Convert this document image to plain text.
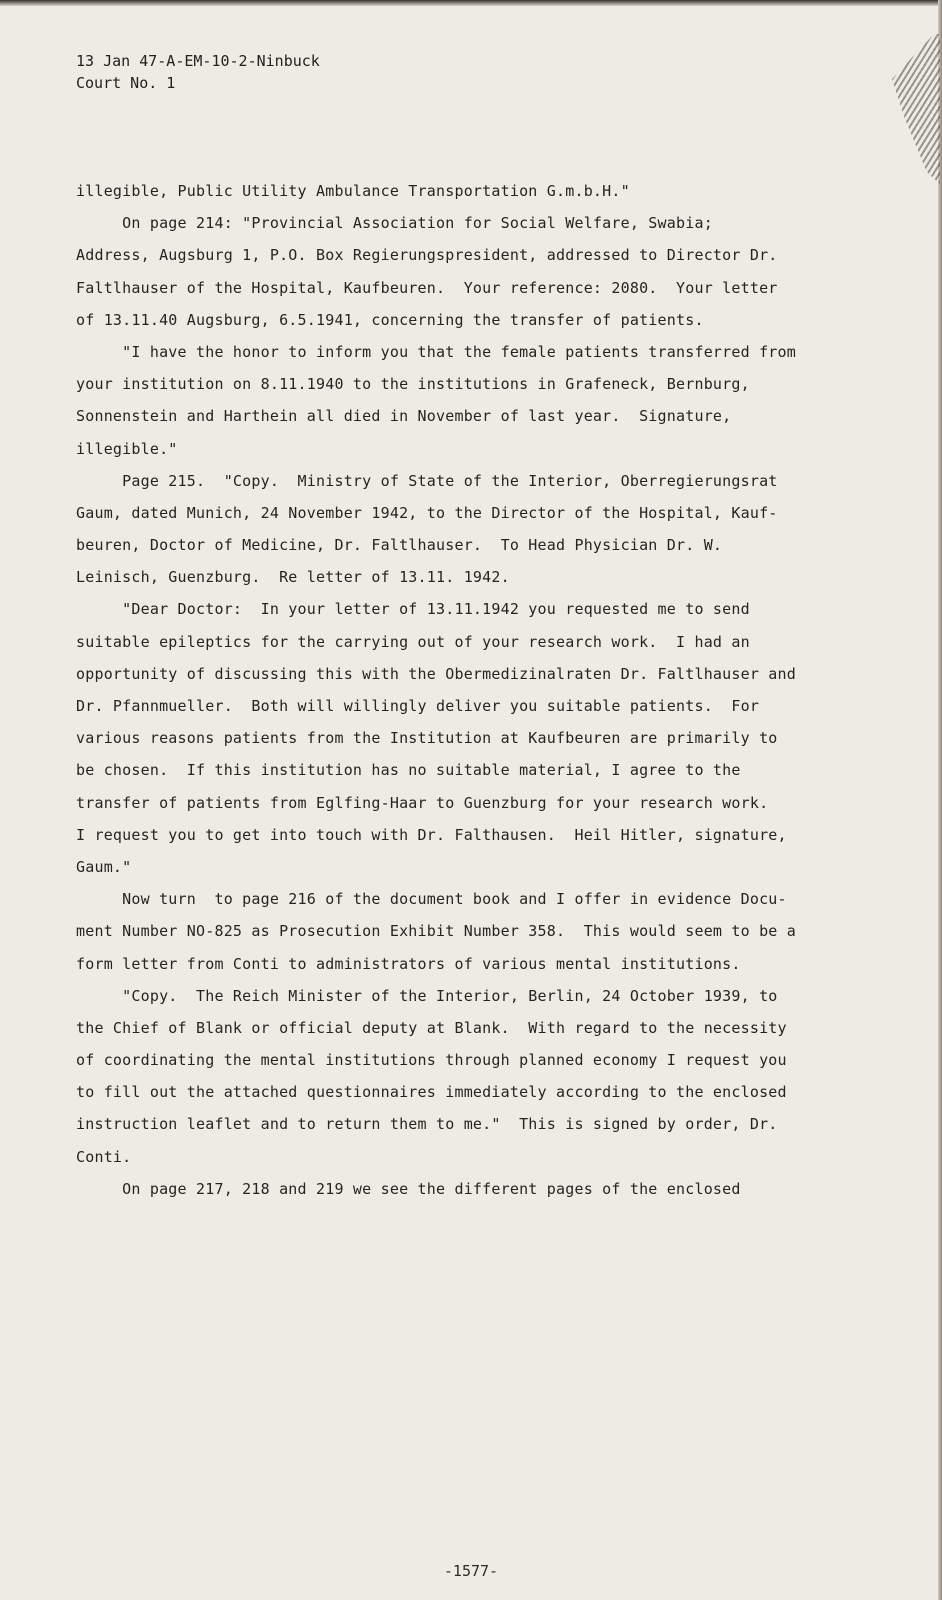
13 Jan 47-A-EM-10-2-Ninbuck
Court No. 1
illegible, Public Utility Ambulance Transportation G.m.b.H."
On page 214: "Provincial Association for Social Welfare, Swabia;
Address, Augsburg 1, P.O. Box Regierungspresident, addressed to Director Dr.
Faltlhauser of the Hospital, Kaufbeuren.  Your reference: 2080.  Your letter
of 13.11.40 Augsburg, 6.5.1941, concerning the transfer of patients.
"I have the honor to inform you that the female patients transferred from
your institution on 8.11.1940 to the institutions in Grafeneck, Bernburg,
Sonnenstein and Harthein all died in November of last year.  Signature,
illegible."
Page 215.  "Copy.  Ministry of State of the Interior, Oberregierungsrat
Gaum, dated Munich, 24 November 1942, to the Director of the Hospital, Kauf-
beuren, Doctor of Medicine, Dr. Faltlhauser.  To Head Physician Dr. W.
Leinisch, Guenzburg.  Re letter of 13.11. 1942.
"Dear Doctor:  In your letter of 13.11.1942 you requested me to send
suitable epileptics for the carrying out of your research work.  I had an
opportunity of discussing this with the Obermedizinalraten Dr. Faltlhauser and
Dr. Pfannmueller.  Both will willingly deliver you suitable patients.  For
various reasons patients from the Institution at Kaufbeuren are primarily to
be chosen.  If this institution has no suitable material, I agree to the
transfer of patients from Eglfing-Haar to Guenzburg for your research work.
I request you to get into touch with Dr. Falthausen.  Heil Hitler, signature,
Gaum."
Now turn  to page 216 of the document book and I offer in evidence Docu-
ment Number NO-825 as Prosecution Exhibit Number 358.  This would seem to be a
form letter from Conti to administrators of various mental institutions.
"Copy.  The Reich Minister of the Interior, Berlin, 24 October 1939, to
the Chief of Blank or official deputy at Blank.  With regard to the necessity
of coordinating the mental institutions through planned economy I request you
to fill out the attached questionnaires immediately according to the enclosed
instruction leaflet and to return them to me."  This is signed by order, Dr.
Conti.
On page 217, 218 and 219 we see the different pages of the enclosed
-1577-
